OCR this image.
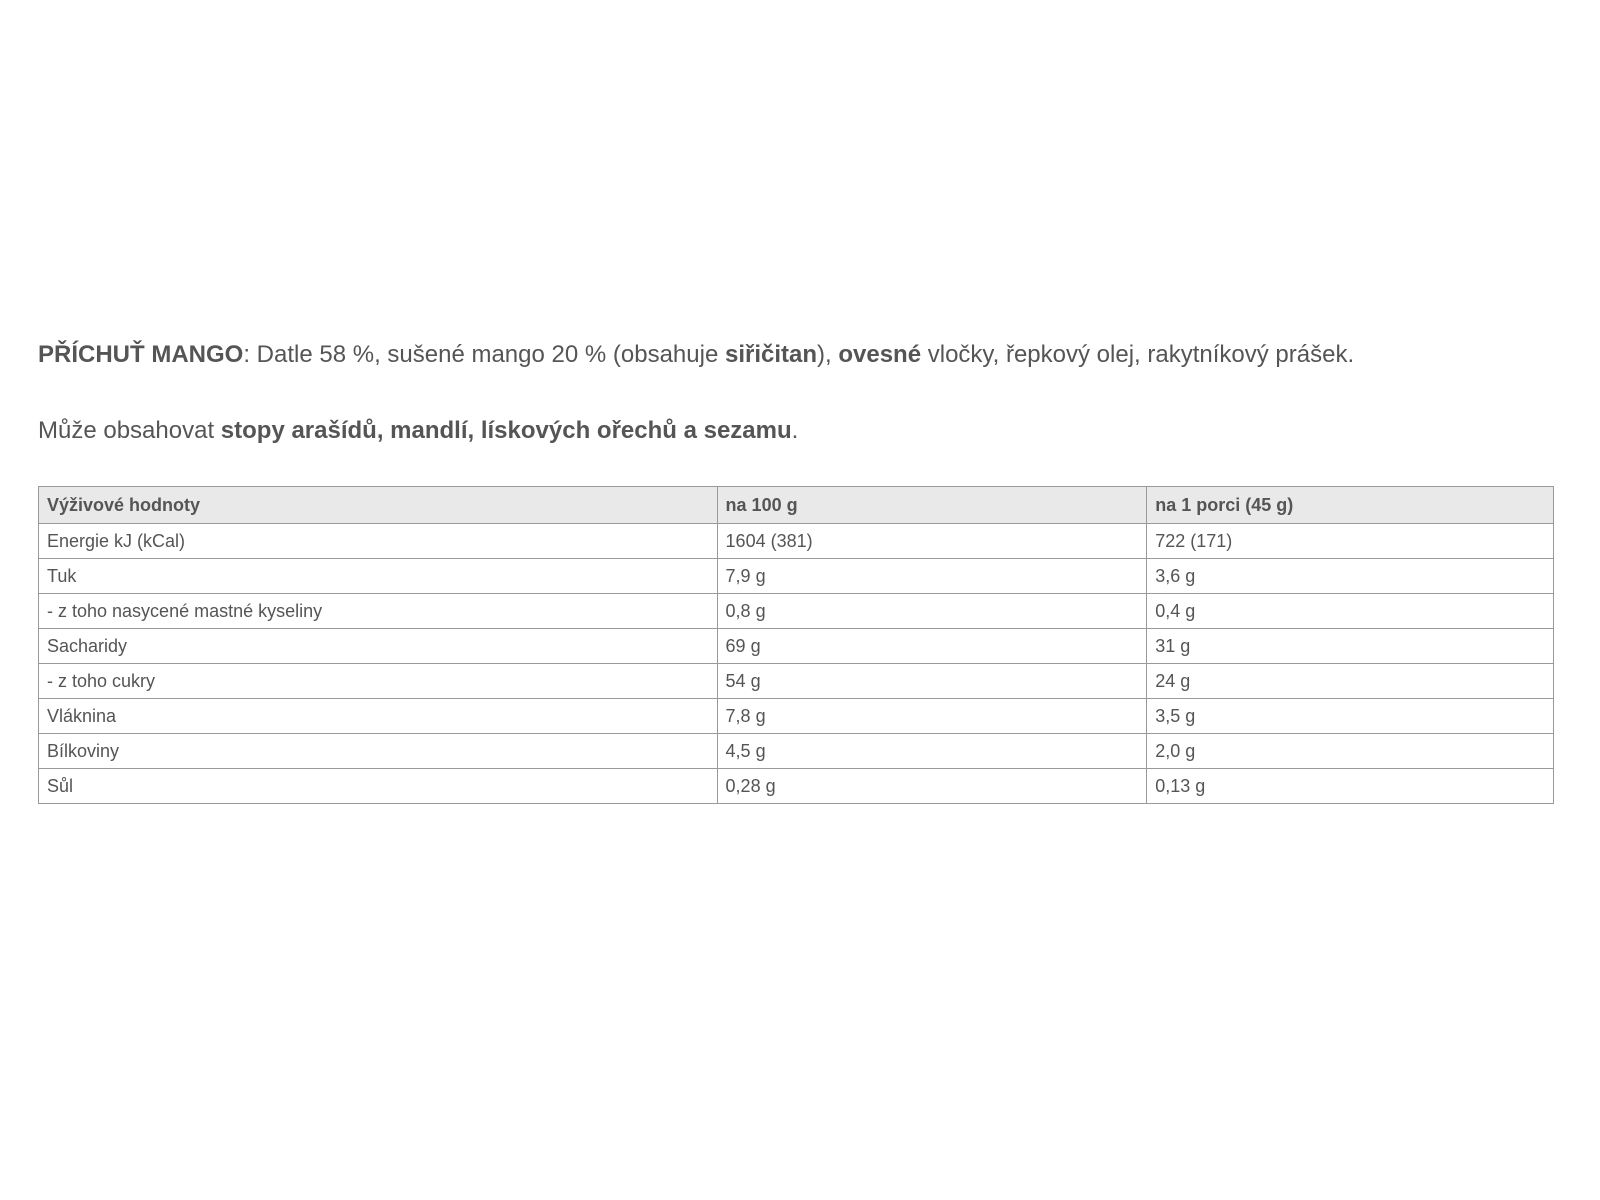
PŘÍCHUŤ MANGO: Datle 58 %, sušené mango 20 % (obsahuje siřičitan), ovesné vločky, řepkový olej, rakytníkový prášek.

Může obsahovat stopy arašídů, mandlí, lískových ořechů a sezamu.

Výživové hodnoty	na 100 g	na 1 porci (45 g)
Energie kJ (kCal)	1604 (381)	722 (171)
Tuk	7,9 g	3,6 g
- z toho nasycené mastné kyseliny	0,8 g	0,4 g
Sacharidy	69 g	31 g
- z toho cukry	54 g	24 g
Vláknina	7,8 g	3,5 g
Bílkoviny	4,5 g	2,0 g
Sůl	0,28 g	0,13 g
